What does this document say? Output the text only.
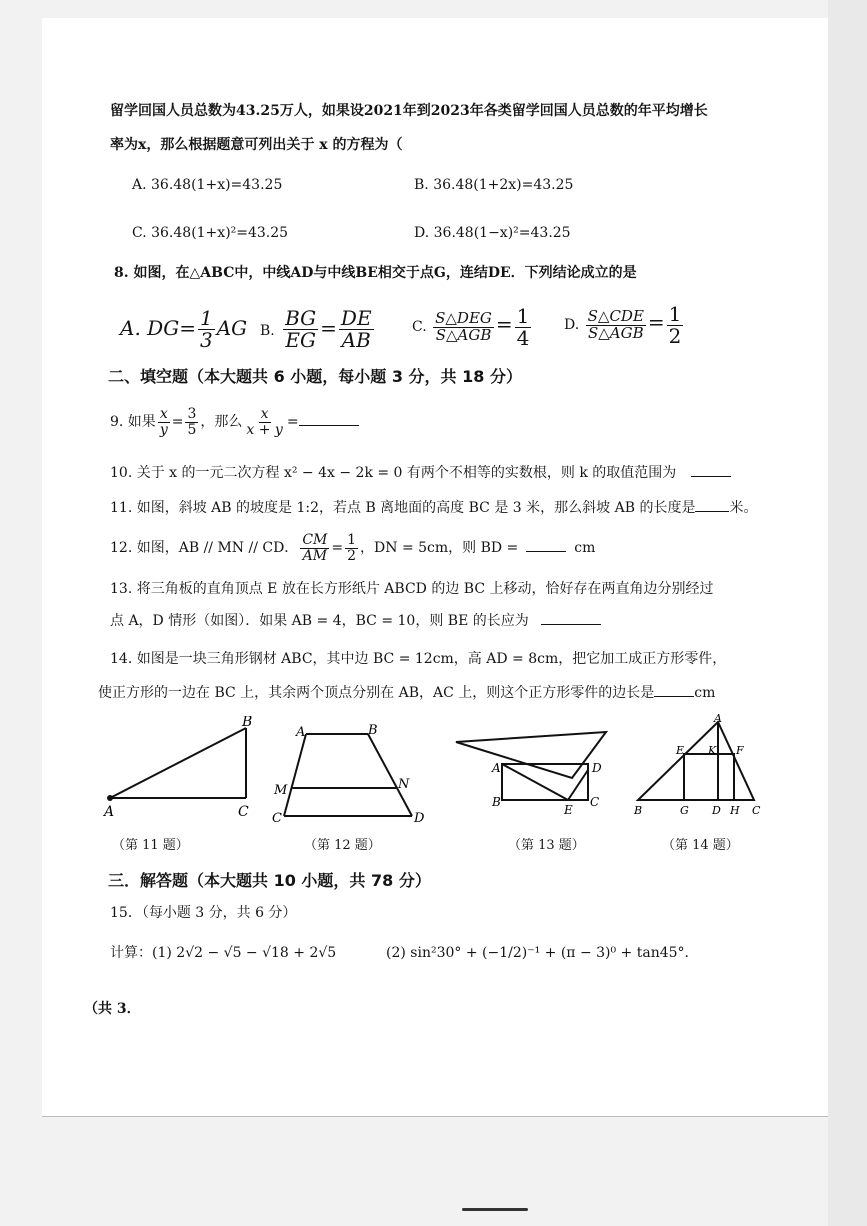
留学回国人员总数为43.25万人，如果设2021年到2023年各类留学回国人员总数的年平均增长
率为x，那么根据题意可列出关于 x 的方程为（
A. 36.48(1+x)=43.25	B. 36.48(1+2x)=43.25
C. 36.48(1+x)²=43.25	D. 36.48(1−x)²=43.25
8. 如图，在△ABC中，中线AD与中线BE相交于点G，连结DE．下列结论成立的是
A. $DG= \frac{1}{3}$ AG B. $\frac{BG}{EG} = \frac{DE}{AB}$	C. $\frac{\text{S△DEG}}{\text{S△AGB}} = \frac{1}{4} D$. $\frac{\text{S△CDE}}{\text{S△AGB}} = \frac{1}{2}$
二、填空题（本大题共 6 小题，每小题 3 分，共 18 分）
9. 如果 $\frac{x}{y} = \frac{3}{5}$ ，那么 $\frac{x}{x + y}$ =
10. 关于 x 的一元二次方程 x² − 4x − 2k = 0 有两个不相等的实数根，则 k 的取值范围为
11. 如图，斜坡 AB 的坡度是 1:2，若点 B 离地面的高度 BC 是 3 米，那么斜坡 AB 的长度是 米。
12. 如图，AB // MN // CD． $\frac{CM}{AM} = \frac{1}{2}$ ，DN = 5cm，则 BD =	cm
13. 将三角板的直角顶点 E 放在长方形纸片 ABCD 的边 BC 上移动，恰好存在两直角边分别经过
点 A，D 情形（如图）．如果 AB = 4，BC = 10，则 BE 的长应为
14. 如图是一块三角形钢材 ABC，其中边 BC = 12cm，高 AD = 8cm，把它加工成正方形零件，
使正方形的一边在 BC 上，其余两个顶点分别在 AB，AC 上，则这个正方形零件的边长是	cm
A
B
C
（第 11 题）
A	B
M	N
C	D
（第 12 题）
A
B
E
C
D
（第 13 题）
A
E K F
B	G D H C
（第 14 题）
三．解答题（本大题共 10 小题，共 78 分）
15．（每小题 3 分，共 6 分）
计算：(1) 2√2 − √5 − √18 + 2√5	(2) sin²30° + (−1/2)⁻¹ + (π − 3)⁰ + tan45°．
（共 3．
